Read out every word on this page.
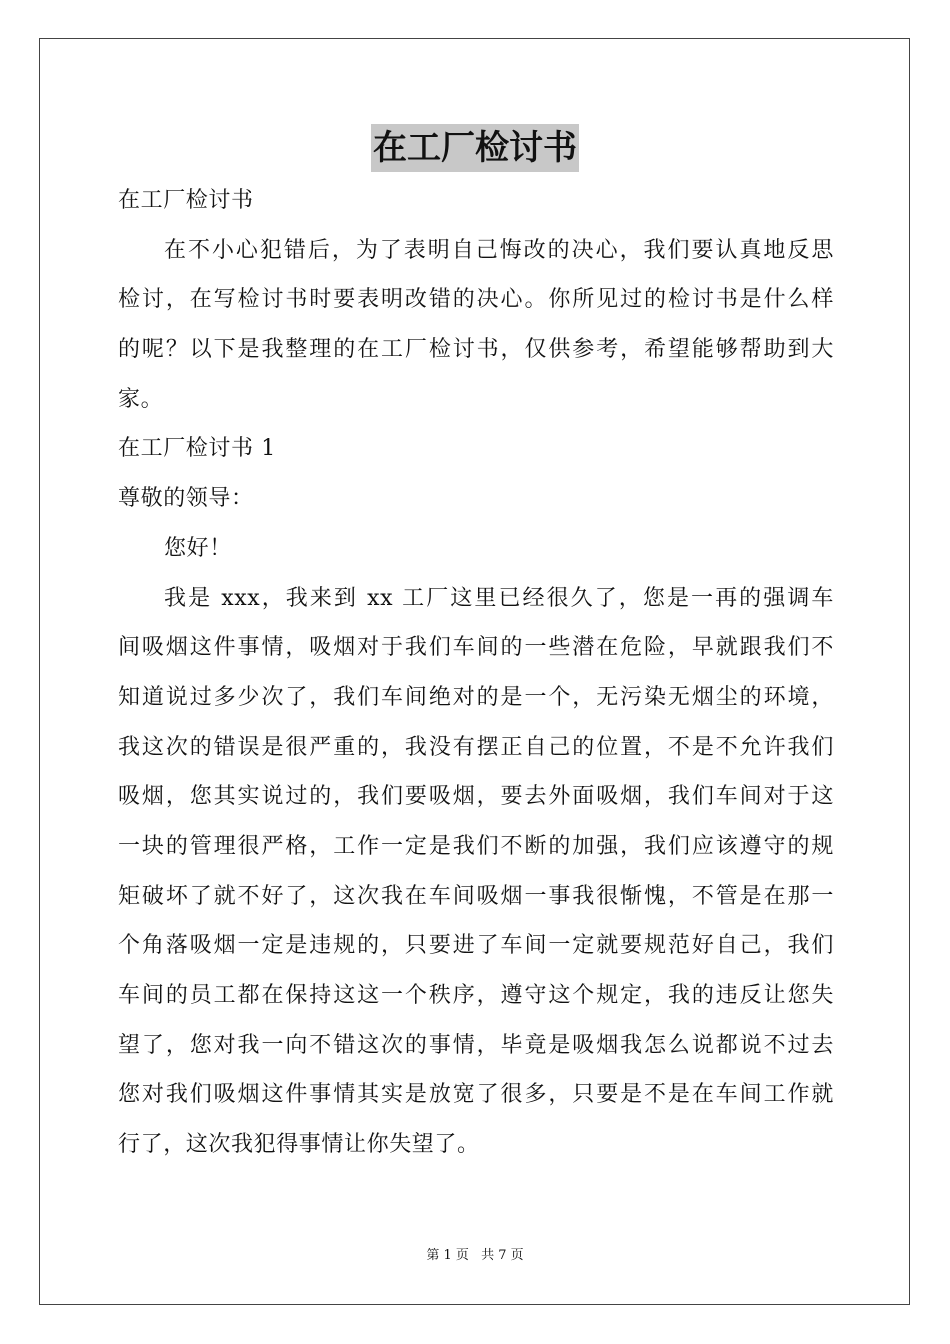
在工厂检讨书
在工厂检讨书
在不小心犯错后，为了表明自己悔改的决心，我们要认真地反思
检讨，在写检讨书时要表明改错的决心。你所见过的检讨书是什么样
的呢？以下是我整理的在工厂检讨书，仅供参考，希望能够帮助到大
家。
在工厂检讨书 1
尊敬的领导：
您好！
我是 xxx，我来到 xx 工厂这里已经很久了，您是一再的强调车
间吸烟这件事情，吸烟对于我们车间的一些潜在危险，早就跟我们不
知道说过多少次了，我们车间绝对的是一个，无污染无烟尘的环境，
我这次的错误是很严重的，我没有摆正自己的位置，不是不允许我们
吸烟，您其实说过的，我们要吸烟，要去外面吸烟，我们车间对于这
一块的管理很严格，工作一定是我们不断的加强，我们应该遵守的规
矩破坏了就不好了，这次我在车间吸烟一事我很惭愧，不管是在那一
个角落吸烟一定是违规的，只要进了车间一定就要规范好自己，我们
车间的员工都在保持这这一个秩序，遵守这个规定，我的违反让您失
望了，您对我一向不错这次的事情，毕竟是吸烟我怎么说都说不过去
您对我们吸烟这件事情其实是放宽了很多，只要是不是在车间工作就
行了，这次我犯得事情让你失望了。
第 1 页 共 7 页
